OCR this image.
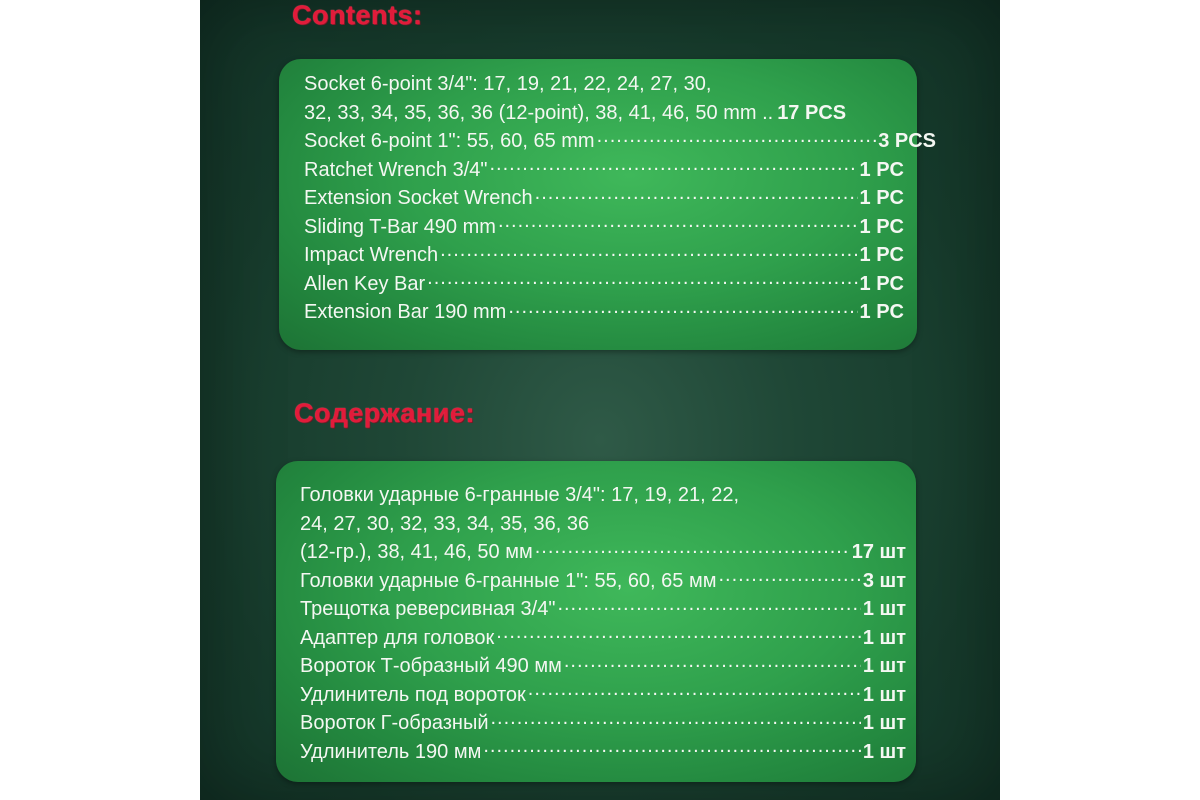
Contents:
Socket 6-point 3/4": 17, 19, 21, 22, 24, 27, 30,
32, 33, 34, 35, 36, 36 (12-point), 38, 41, 46, 50 mm .. 17 PCS
Socket 6-point 1": 55, 60, 65 mm .....	3 PCS
Ratchet Wrench 3/4" .....	1 PC
Extension Socket Wrench .....	1 PC
Sliding T-Bar 490 mm .....	1 PC
Impact Wrench .....	1 PC
Allen Key Bar .....	1 PC
Extension Bar 190 mm .....	1 PC
Содержание:
Головки ударные 6-гранные 3/4": 17, 19, 21, 22,
24, 27, 30, 32, 33, 34, 35, 36, 36
(12-гр.), 38, 41, 46, 50 мм .....	17 шт
Головки ударные 6-гранные 1": 55, 60, 65 мм .....	3 шт
Трещотка реверсивная 3/4" .....	1 шт
Адаптер для головок .....	1 шт
Вороток Т-образный 490 мм .....	1 шт
Удлинитель под вороток .....	1 шт
Вороток Г-образный .....	1 шт
Удлинитель 190 мм .....	1 шт
